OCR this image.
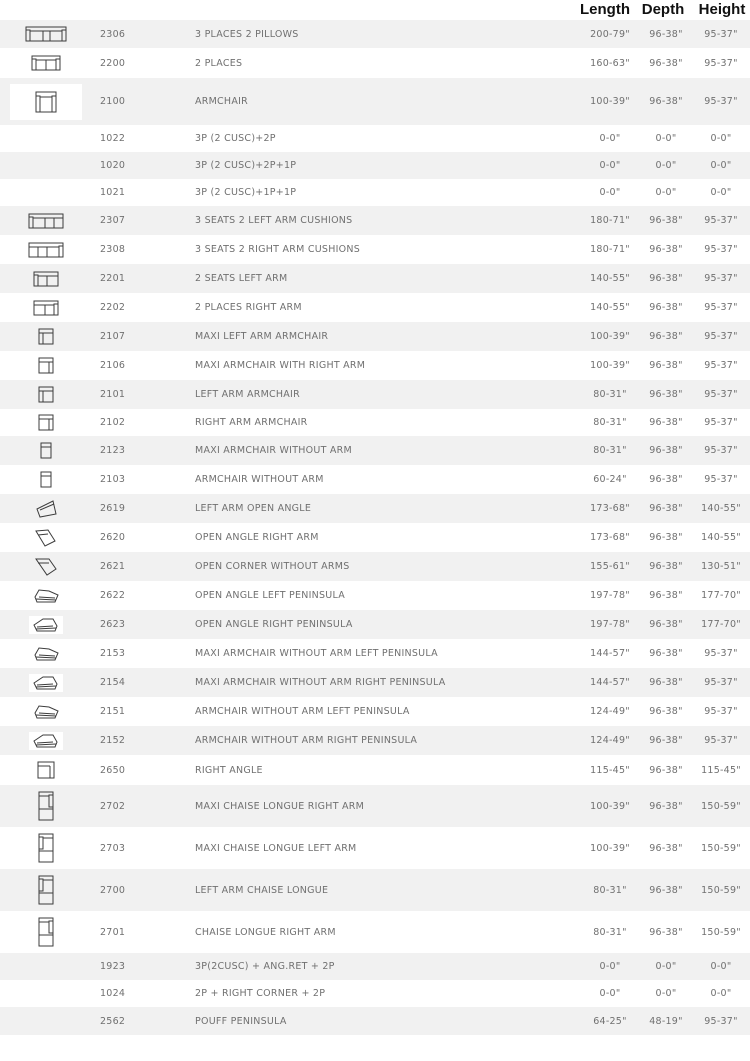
Length Depth Height
2306	3 PLACES 2 PILLOWS	200-79"	96-38"	95-37"
2200	2 PLACES	160-63"	96-38"	95-37"
2100	ARMCHAIR	100-39"	96-38"	95-37"
1022	3P (2 CUSC)+2P	0-0"	0-0"	0-0"
1020	3P (2 CUSC)+2P+1P	0-0"	0-0"	0-0"
1021	3P (2 CUSC)+1P+1P	0-0"	0-0"	0-0"
2307	3 SEATS 2 LEFT ARM CUSHIONS	180-71"	96-38"	95-37"
2308	3 SEATS 2 RIGHT ARM CUSHIONS	180-71"	96-38"	95-37"
2201	2 SEATS LEFT ARM	140-55"	96-38"	95-37"
2202	2 PLACES RIGHT ARM	140-55"	96-38"	95-37"
2107	MAXI LEFT ARM ARMCHAIR	100-39"	96-38"	95-37"
2106	MAXI ARMCHAIR WITH RIGHT ARM	100-39"	96-38"	95-37"
2101	LEFT ARM ARMCHAIR	80-31"	96-38"	95-37"
2102	RIGHT ARM ARMCHAIR	80-31"	96-38"	95-37"
2123	MAXI ARMCHAIR WITHOUT ARM	80-31"	96-38"	95-37"
2103	ARMCHAIR WITHOUT ARM	60-24"	96-38"	95-37"
2619	LEFT ARM OPEN ANGLE	173-68"	96-38"	140-55"
2620	OPEN ANGLE RIGHT ARM	173-68"	96-38"	140-55"
2621	OPEN CORNER WITHOUT ARMS	155-61"	96-38"	130-51"
2622	OPEN ANGLE LEFT PENINSULA	197-78"	96-38"	177-70"
2623	OPEN ANGLE RIGHT PENINSULA	197-78"	96-38"	177-70"
2153	MAXI ARMCHAIR WITHOUT ARM LEFT PENINSULA	144-57"	96-38"	95-37"
2154	MAXI ARMCHAIR WITHOUT ARM RIGHT PENINSULA	144-57"	96-38"	95-37"
2151	ARMCHAIR WITHOUT ARM LEFT PENINSULA	124-49"	96-38"	95-37"
2152	ARMCHAIR WITHOUT ARM RIGHT PENINSULA	124-49"	96-38"	95-37"
2650	RIGHT ANGLE	115-45"	96-38"	115-45"
2702	MAXI CHAISE LONGUE RIGHT ARM	100-39"	96-38"	150-59"
2703	MAXI CHAISE LONGUE LEFT ARM	100-39"	96-38"	150-59"
2700	LEFT ARM CHAISE LONGUE	80-31"	96-38"	150-59"
2701	CHAISE LONGUE RIGHT ARM	80-31"	96-38"	150-59"
1923	3P(2CUSC) + ANG.RET + 2P	0-0"	0-0"	0-0"
1024	2P + RIGHT CORNER + 2P	0-0"	0-0"	0-0"
2562	POUFF PENINSULA	64-25"	48-19"	95-37"
